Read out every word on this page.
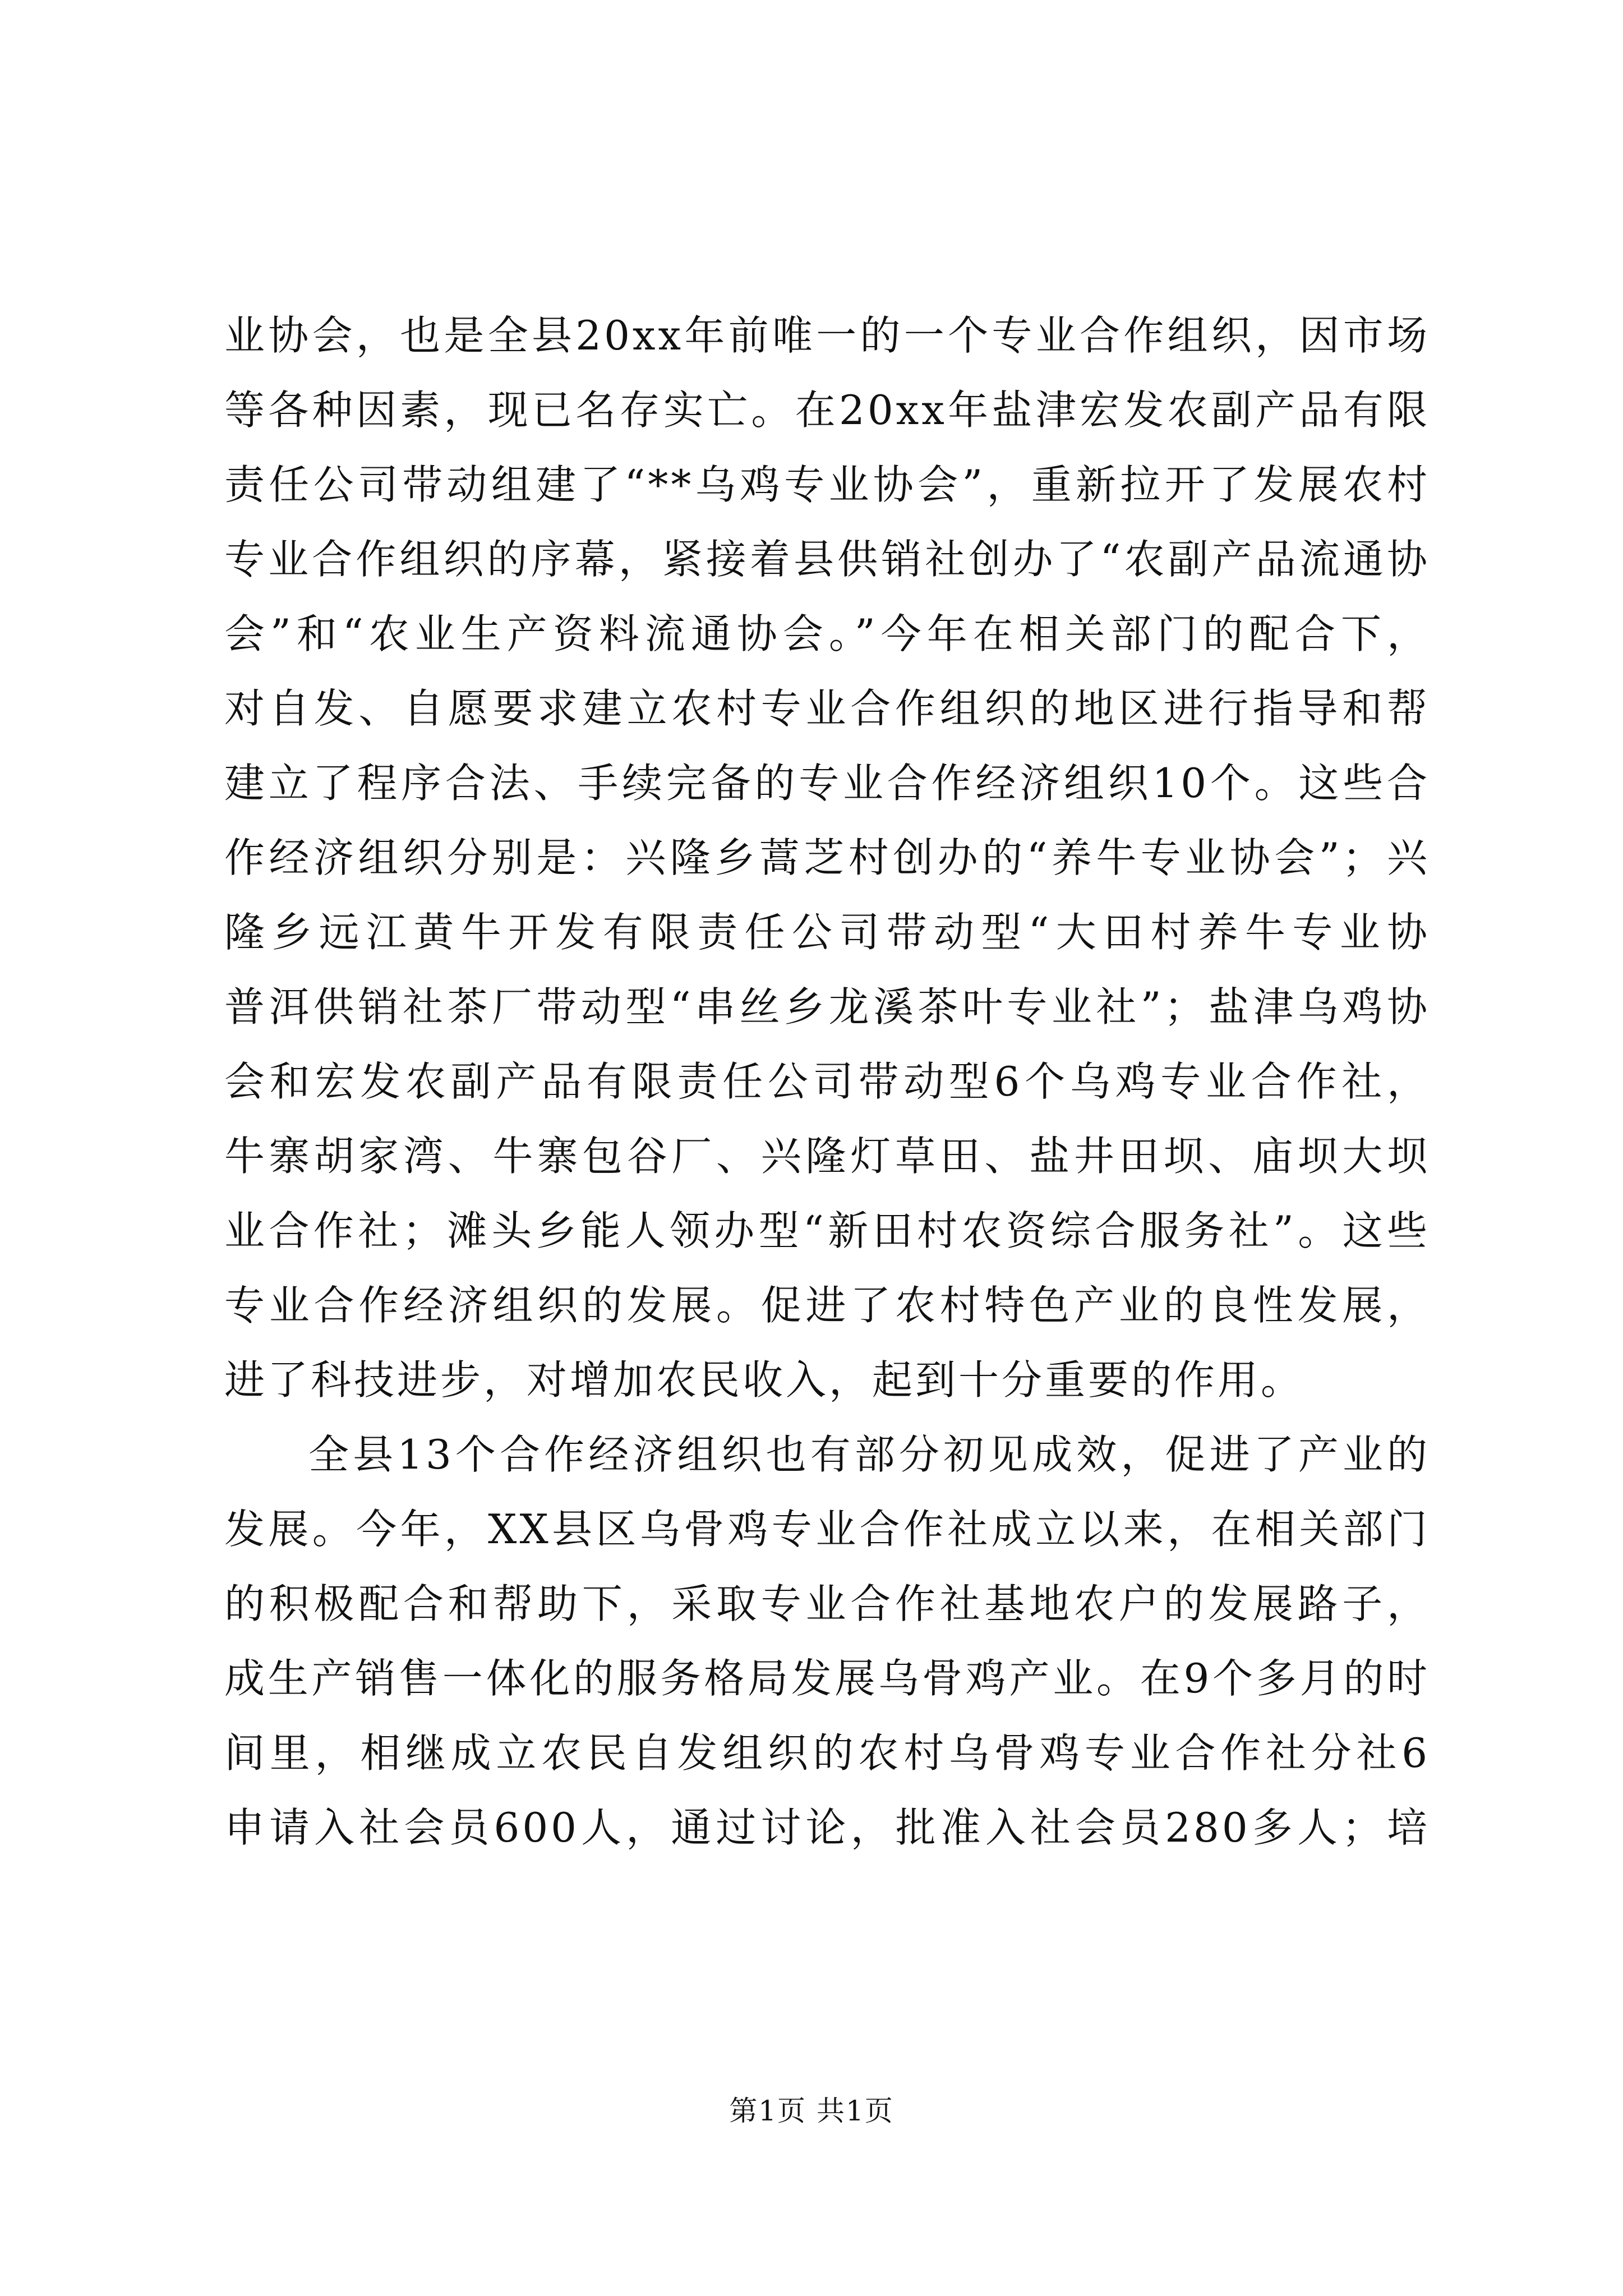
业协会，也是全县20xx年前唯一的一个专业合作组织，因市场
等各种因素，现已名存实亡。在20xx年盐津宏发农副产品有限
责任公司带动组建了“**乌鸡专业协会”，重新拉开了发展农村
专业合作组织的序幕，紧接着县供销社创办了“农副产品流通协
会”和“农业生产资料流通协会。”今年在相关部门的配合下，
对自发、自愿要求建立农村专业合作组织的地区进行指导和帮
建立了程序合法、手续完备的专业合作经济组织10个。这些合
作经济组织分别是：兴隆乡蒿芝村创办的“养牛专业协会”；兴
隆乡远江黄牛开发有限责任公司带动型“大田村养牛专业协
普洱供销社茶厂带动型“串丝乡龙溪茶叶专业社”；盐津乌鸡协
会和宏发农副产品有限责任公司带动型6个乌鸡专业合作社，
牛寨胡家湾、牛寨包谷厂、兴隆灯草田、盐井田坝、庙坝大坝
业合作社；滩头乡能人领办型“新田村农资综合服务社”。这些
专业合作经济组织的发展。促进了农村特色产业的良性发展，
进了科技进步，对增加农民收入，起到十分重要的作用。
全县13个合作经济组织也有部分初见成效，促进了产业的
发展。今年，XX县区乌骨鸡专业合作社成立以来，在相关部门
的积极配合和帮助下，采取专业合作社基地农户的发展路子，
成生产销售一体化的服务格局发展乌骨鸡产业。在9个多月的时
间里，相继成立农民自发组织的农村乌骨鸡专业合作社分社6
申请入社会员600人，通过讨论，批准入社会员280多人；培
第1页 共1页
